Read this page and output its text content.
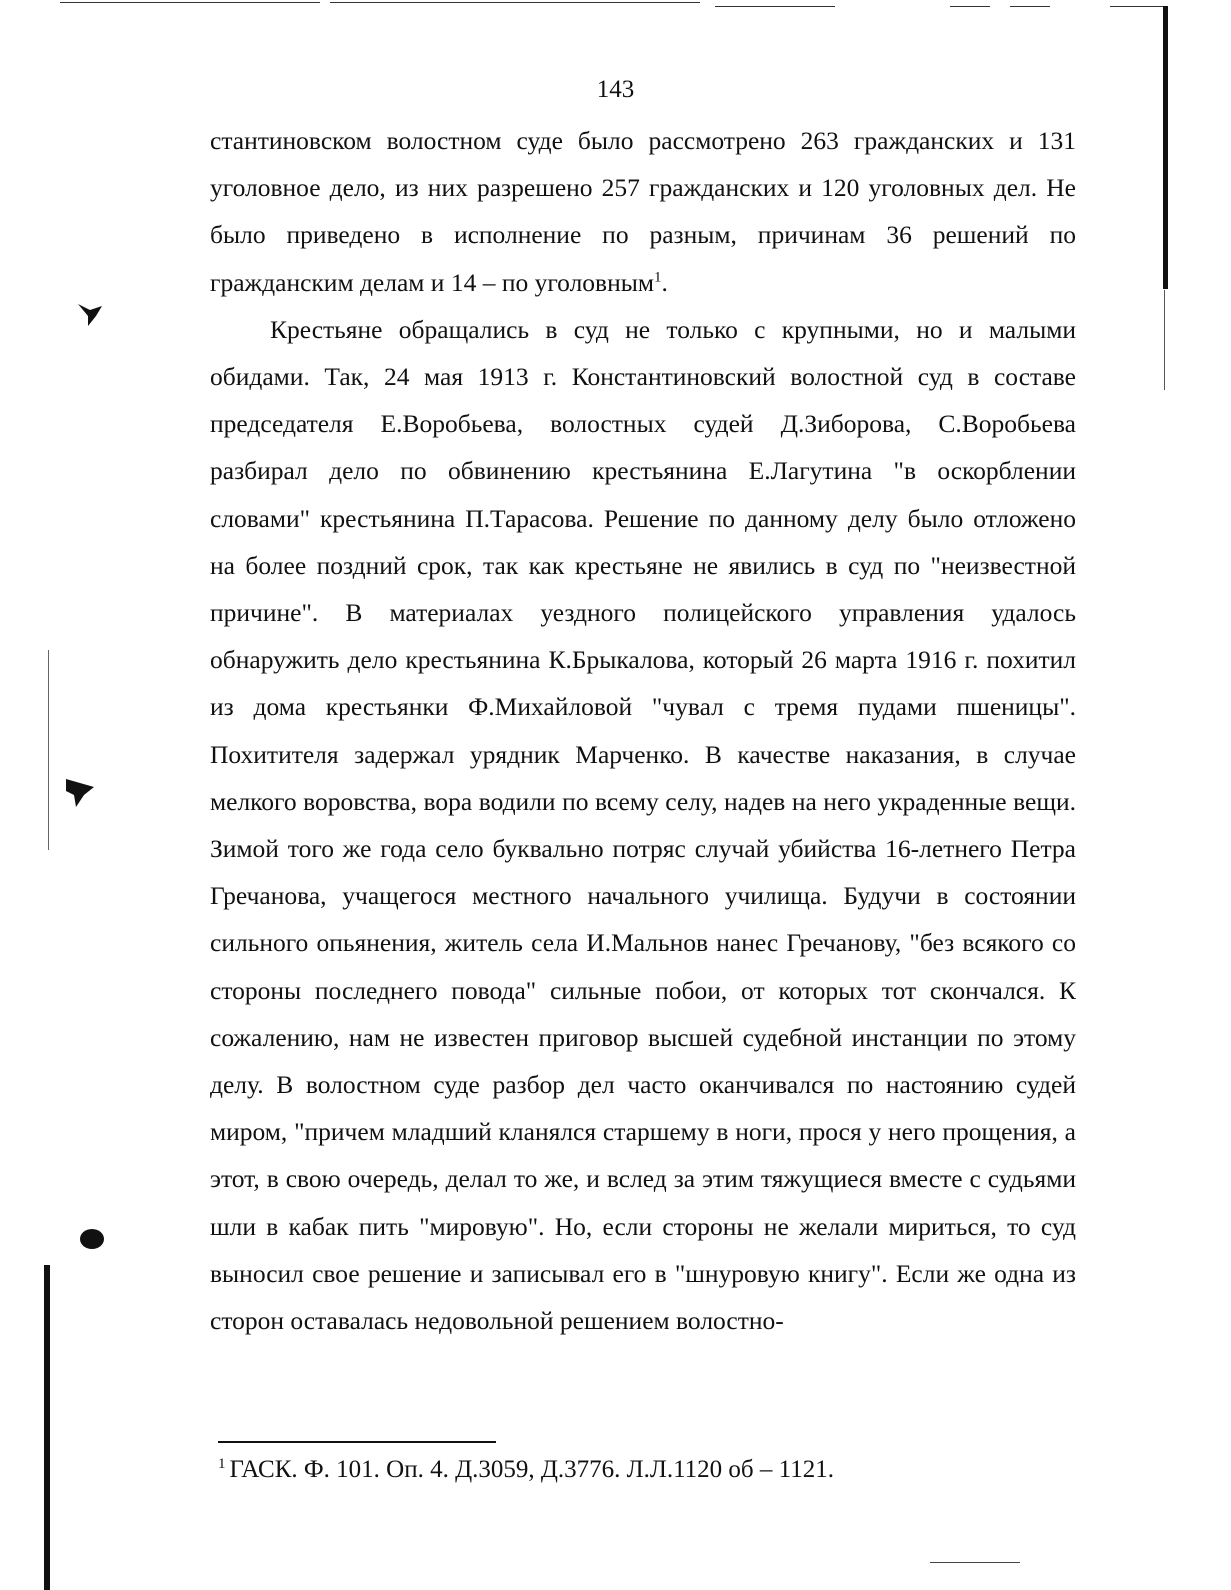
143

стантиновском волостном суде было рассмотрено 263 гражданских и 131 уголовное дело, из них разрешено 257 гражданских и 120 уголовных дел. Не было приведено в исполнение по разным, причинам 36 решений по гражданским делам и 14 – по уголовным$^1$.

Крестьяне обращались в суд не только с крупными, но и малыми обидами. Так, 24 мая 1913 г. Константиновский волостной суд в составе председателя Е.Воробьева, волостных судей Д.Зиборова, С.Воробьева разбирал дело по обвинению крестьянина Е.Лагутина "в оскорблении словами" крестьянина П.Тарасова. Решение по данному делу было отложено на более поздний срок, так как крестьяне не явились в суд по "неизвестной причине". В материалах уездного полицейского управления удалось обнаружить дело крестьянина К.Брыкалова, который 26 марта 1916 г. похитил из дома крестьянки Ф.Михайловой "чувал с тремя пудами пшеницы". Похитителя задержал урядник Марченко. В качестве наказания, в случае мелкого воровства, вора водили по всему селу, надев на него украденные вещи. Зимой того же года село буквально потряс случай убийства 16-летнего Петра Гречанова, учащегося местного начального училища. Будучи в состоянии сильного опьянения, житель села И.Мальнов нанес Гречанову, "без всякого со стороны последнего повода" сильные побои, от которых тот скончался. К сожалению, нам не известен приговор высшей судебной инстанции по этому делу. В волостном суде разбор дел часто оканчивался по настоянию судей миром, "причем младший кланялся старшему в ноги, прося у него прощения, а этот, в свою очередь, делал то же, и вслед за этим тяжущиеся вместе с судьями шли в кабак пить "мировую". Но, если стороны не желали мириться, то суд выносил свое решение и записывал его в "шнуровую книгу". Если же одна из сторон оставалась недовольной решением волостно-

$^1$ ГАСК. Ф. 101. Оп. 4. Д.3059, Д.3776. Л.Л.1120 об – 1121.
